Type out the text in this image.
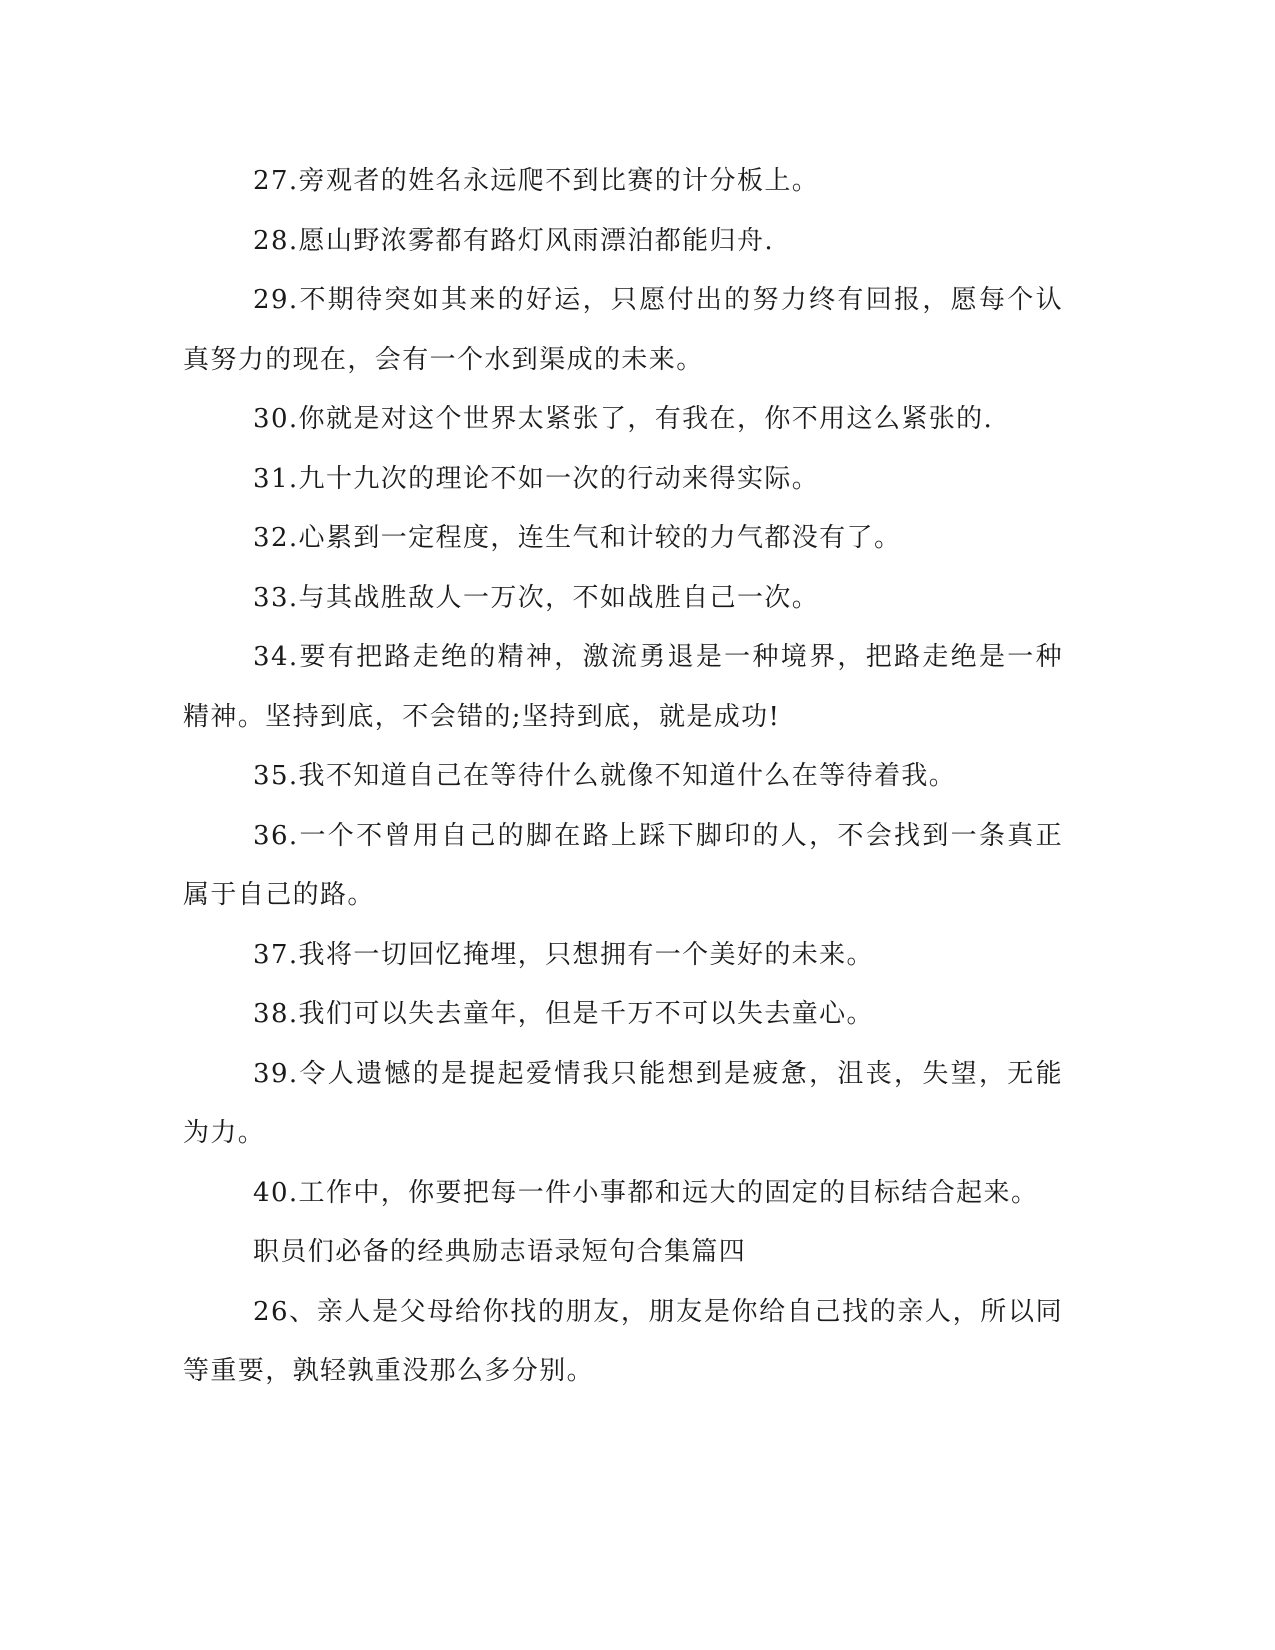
27.旁观者的姓名永远爬不到比赛的计分板上。

28.愿山野浓雾都有路灯风雨漂泊都能归舟.

29.不期待突如其来的好运，只愿付出的努力终有回报，愿每个认真努力的现在，会有一个水到渠成的未来。

30.你就是对这个世界太紧张了，有我在，你不用这么紧张的.

31.九十九次的理论不如一次的行动来得实际。

32.心累到一定程度，连生气和计较的力气都没有了。

33.与其战胜敌人一万次，不如战胜自己一次。

34.要有把路走绝的精神，激流勇退是一种境界，把路走绝是一种精神。坚持到底，不会错的;坚持到底，就是成功!

35.我不知道自己在等待什么就像不知道什么在等待着我。

36.一个不曾用自己的脚在路上踩下脚印的人，不会找到一条真正属于自己的路。

37.我将一切回忆掩埋，只想拥有一个美好的未来。

38.我们可以失去童年，但是千万不可以失去童心。

39.令人遗憾的是提起爱情我只能想到是疲惫，沮丧，失望，无能为力。

40.工作中，你要把每一件小事都和远大的固定的目标结合起来。

职员们必备的经典励志语录短句合集篇四

26、亲人是父母给你找的朋友，朋友是你给自己找的亲人，所以同等重要，孰轻孰重没那么多分别。
